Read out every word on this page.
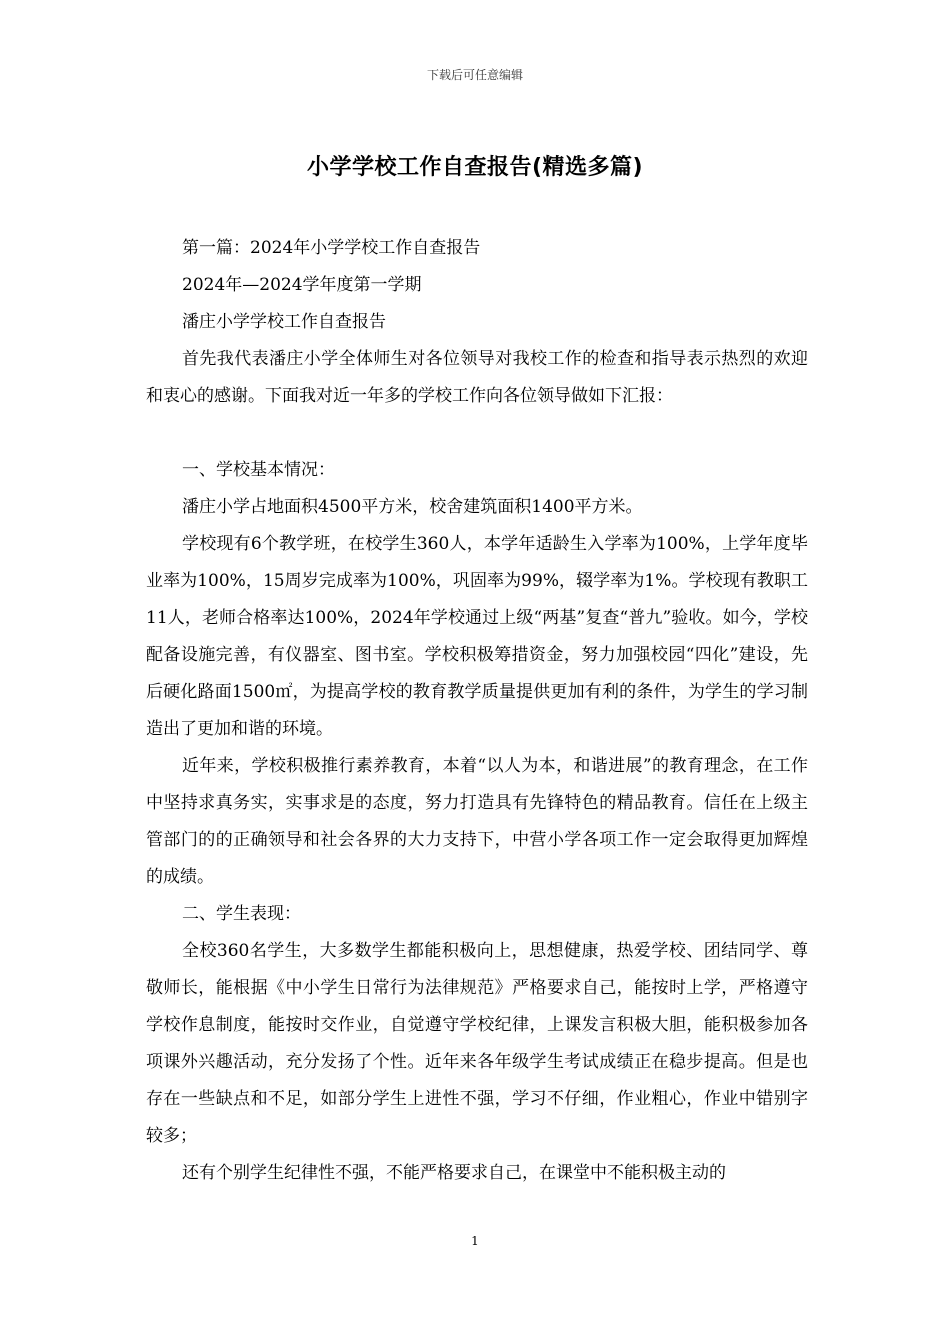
下载后可任意编辑
小学学校工作自查报告(精选多篇)

第一篇：2024年小学学校工作自查报告

2024年—2024学年度第一学期

潘庄小学学校工作自查报告

首先我代表潘庄小学全体师生对各位领导对我校工作的检查和指导表示热烈的欢迎和衷心的感谢。下面我对近一年多的学校工作向各位领导做如下汇报：

一、学校基本情况：

潘庄小学占地面积4500平方米，校舍建筑面积1400平方米。

学校现有6个教学班，在校学生360人，本学年适龄生入学率为100%，上学年度毕业率为100%，15周岁完成率为100%，巩固率为99%，辍学率为1%。学校现有教职工11人，老师合格率达100%，2024年学校通过上级“两基”复查“普九”验收。如今，学校配备设施完善，有仪器室、图书室。学校积极筹措资金，努力加强校园“四化”建设，先后硬化路面1500㎡，为提高学校的教育教学质量提供更加有利的条件，为学生的学习制造出了更加和谐的环境。

近年来，学校积极推行素养教育，本着“以人为本，和谐进展”的教育理念，在工作中坚持求真务实，实事求是的态度，努力打造具有先锋特色的精品教育。信任在上级主管部门的的正确领导和社会各界的大力支持下，中营小学各项工作一定会取得更加辉煌的成绩。

二、学生表现：

全校360名学生，大多数学生都能积极向上，思想健康，热爱学校、团结同学、尊敬师长，能根据《中小学生日常行为法律规范》严格要求自己，能按时上学，严格遵守学校作息制度，能按时交作业，自觉遵守学校纪律，上课发言积极大胆，能积极参加各项课外兴趣活动，充分发扬了个性。近年来各年级学生考试成绩正在稳步提高。但是也存在一些缺点和不足，如部分学生上进性不强，学习不仔细，作业粗心，作业中错别字较多；

还有个别学生纪律性不强，不能严格要求自己，在课堂中不能积极主动的

1
